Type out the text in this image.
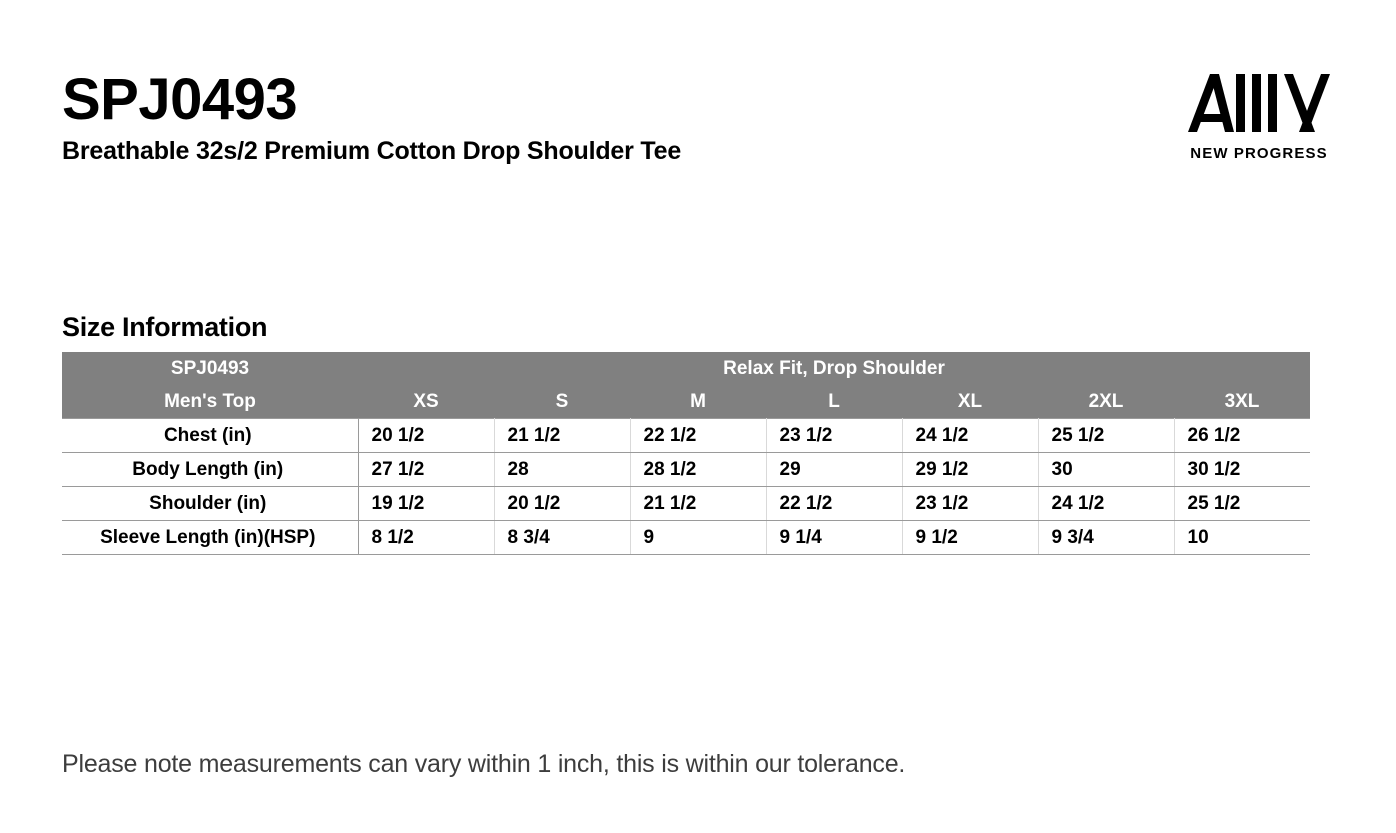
SPJ0493
Breathable 32s/2 Premium Cotton Drop Shoulder Tee	NEW PROGRESS
Size Information
SPJ0493	Relax Fit, Drop Shoulder						
Men's Top	XS	S	M	L	XL	2XL	3XL
Chest (in)	20 1/2	21 1/2	22 1/2	23 1/2	24 1/2	25 1/2	26 1/2
Body Length (in)	27 1/2	28	28 1/2	29	29 1/2	30	30 1/2
Shoulder (in)	19 1/2	20 1/2	21 1/2	22 1/2	23 1/2	24 1/2	25 1/2
Sleeve Length (in)(HSP)	8 1/2	8 3/4	9	9 1/4	9 1/2	9 3/4	10
Please note measurements can vary within 1 inch, this is within our tolerance.
